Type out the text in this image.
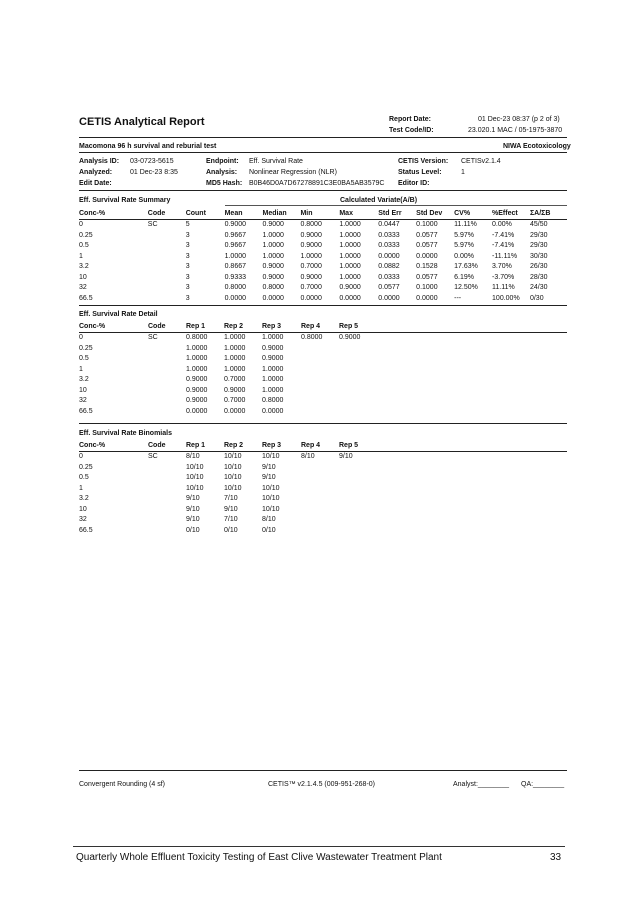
CETIS Analytical Report	Report Date:	01 Dec-23 08:37 (p 2 of 3)
Test Code/ID:	23.020.1 MAC / 05-1975-3870
Macomona 96 h survival and reburial test	NIWA Ecotoxicology
Analysis ID: 03-0723-5615
Analyzed:	01 Dec-23 8:35
Edit Date:
Endpoint: Eff. Survival Rate
Analysis: Nonlinear Regression (NLR)
MD5 Hash: B0B46D0A7D67278891C3E0BA5AB3579C
CETIS Version: CETISv2.1.4
Status Level:	1
Editor ID:
Eff. Survival Rate Summary	Calculated Variate(A/B)
Conc-%	Code	Count	Mean	Median	Min	Max	Std Err	Std Dev	CV%	%Effect	ΣA/ΣB
0	SC	5	0.9000	0.9000	0.8000	1.0000	0.0447	0.1000	11.11%	0.00%	45/50
0.25		3	0.9667	1.0000	0.9000	1.0000	0.0333	0.0577	5.97%	-7.41%	29/30
0.5		3	0.9667	1.0000	0.9000	1.0000	0.0333	0.0577	5.97%	-7.41%	29/30
1		3	1.0000	1.0000	1.0000	1.0000	0.0000	0.0000	0.00%	-11.11%	30/30
3.2		3	0.8667	0.9000	0.7000	1.0000	0.0882	0.1528	17.63%	3.70%	26/30
10		3	0.9333	0.9000	0.9000	1.0000	0.0333	0.0577	6.19%	-3.70%	28/30
32		3	0.8000	0.8000	0.7000	0.9000	0.0577	0.1000	12.50%	11.11%	24/30
66.5		3	0.0000	0.0000	0.0000	0.0000	0.0000	0.0000	---	100.00%	0/30
Eff. Survival Rate Detail
Conc-%	Code	Rep 1	Rep 2	Rep 3	Rep 4	Rep 5
0	SC	0.8000	1.0000	1.0000	0.8000	0.9000
0.25		1.0000	1.0000	0.9000		
0.5		1.0000	1.0000	0.9000		
1		1.0000	1.0000	1.0000		
3.2		0.9000	0.7000	1.0000		
10		0.9000	0.9000	1.0000		
32		0.9000	0.7000	0.8000		
66.5		0.0000	0.0000	0.0000		
Eff. Survival Rate Binomials
Conc-%	Code	Rep 1	Rep 2	Rep 3	Rep 4	Rep 5
0	SC	8/10	10/10	10/10	8/10	9/10
0.25		10/10	10/10	9/10		
0.5		10/10	10/10	9/10		
1		10/10	10/10	10/10		
3.2		9/10	7/10	10/10		
10		9/10	9/10	10/10		
32		9/10	7/10	8/10		
66.5		0/10	0/10	0/10		
Convergent Rounding (4 sf)	CETIS™ v2.1.4.5 (009-951-268-0)	Analyst:________ QA:________
Quarterly Whole Effluent Toxicity Testing of East Clive Wastewater Treatment Plant	33
